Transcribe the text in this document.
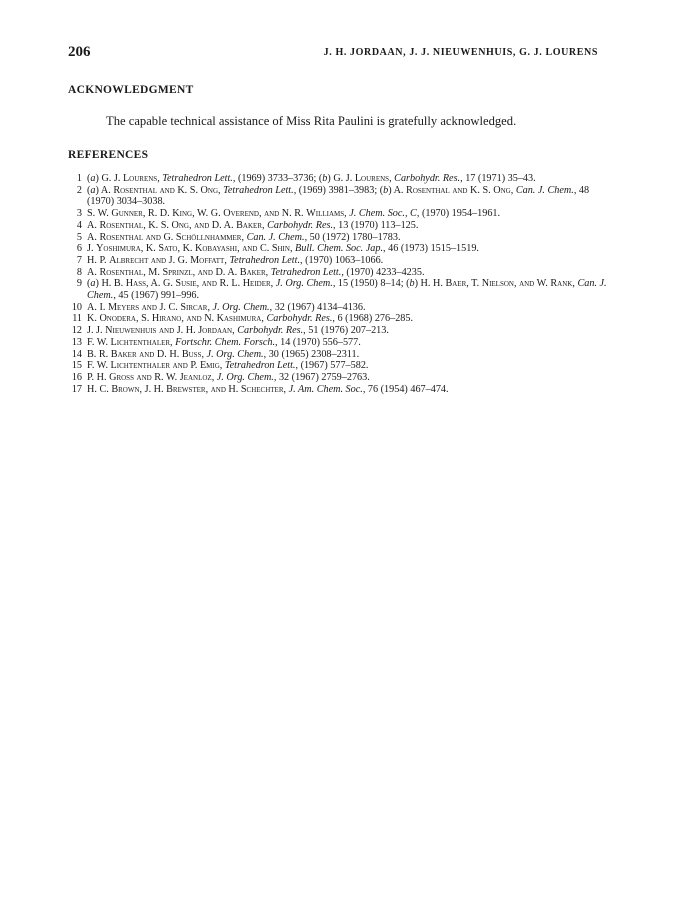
206	J. H. JORDAAN, J. J. NIEUWENHUIS, G. J. LOURENS
ACKNOWLEDGMENT
The capable technical assistance of Miss Rita Paulini is gratefully acknowledged.
REFERENCES
1 (a) G. J. Lourens, Tetrahedron Lett., (1969) 3733–3736; (b) G. J. Lourens, Carbohydr. Res., 17 (1971) 35–43.
2 (a) A. Rosenthal and K. S. Ong, Tetrahedron Lett., (1969) 3981–3983; (b) A. Rosenthal and K. S. Ong, Can. J. Chem., 48 (1970) 3034–3038.
3 S. W. Gunner, R. D. King, W. G. Overend, and N. R. Williams, J. Chem. Soc., C, (1970) 1954–1961.
4 A. Rosenthal, K. S. Ong, and D. A. Baker, Carbohydr. Res., 13 (1970) 113–125.
5 A. Rosenthal and G. Schöllnhammer, Can. J. Chem., 50 (1972) 1780–1783.
6 J. Yoshimura, K. Sato, K. Kobayashi, and C. Shin, Bull. Chem. Soc. Jap., 46 (1973) 1515–1519.
7 H. P. Albrecht and J. G. Moffatt, Tetrahedron Lett., (1970) 1063–1066.
8 A. Rosenthal, M. Sprinzl, and D. A. Baker, Tetrahedron Lett., (1970) 4233–4235.
9 (a) H. B. Hass, A. G. Susie, and R. L. Heider, J. Org. Chem., 15 (1950) 8–14; (b) H. H. Baer, T. Nielson, and W. Rank, Can. J. Chem., 45 (1967) 991–996.
10 A. I. Meyers and J. C. Sircar, J. Org. Chem., 32 (1967) 4134–4136.
11 K. Onodera, S. Hirano, and N. Kashimura, Carbohydr. Res., 6 (1968) 276–285.
12 J. J. Nieuwenhuis and J. H. Jordaan, Carbohydr. Res., 51 (1976) 207–213.
13 F. W. Lichtenthaler, Fortschr. Chem. Forsch., 14 (1970) 556–577.
14 B. R. Baker and D. H. Buss, J. Org. Chem., 30 (1965) 2308–2311.
15 F. W. Lichtenthaler and P. Emig, Tetrahedron Lett., (1967) 577–582.
16 P. H. Gross and R. W. Jeanloz, J. Org. Chem., 32 (1967) 2759–2763.
17 H. C. Brown, J. H. Brewster, and H. Schechter, J. Am. Chem. Soc., 76 (1954) 467–474.
